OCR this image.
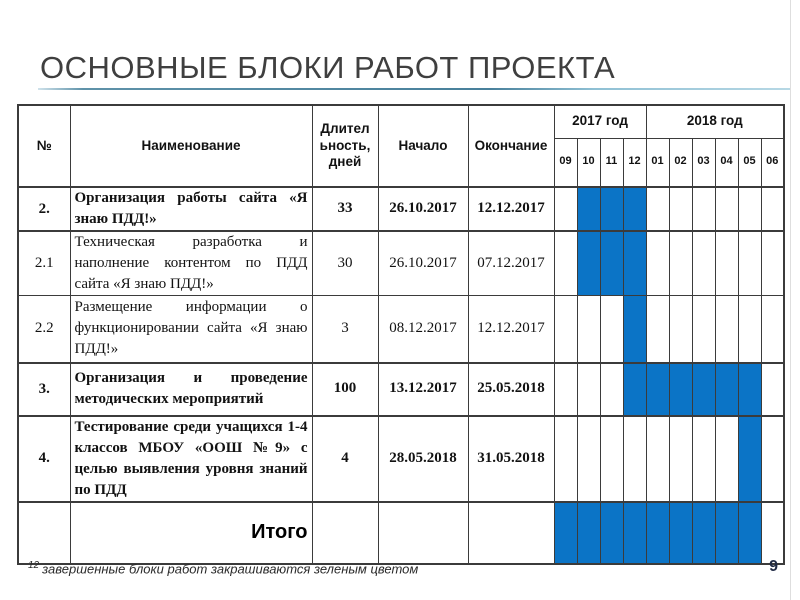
ОСНОВНЫЕ БЛОКИ РАБОТ ПРОЕКТА
№	Наименование	Длительность, дней	Начало	Окончание	2017 год				2018 год					
					09	10	11	12	01	02	03	04	05	06
2.	Организация работы сайта «Я знаю ПДД!»	33	26.10.2017	12.12.2017										
2.1	Техническая разработка и наполнение контентом по ПДД сайта «Я знаю ПДД!»	30	26.10.2017	07.12.2017										
2.2	Размещение информации о функционировании сайта «Я знаю ПДД!»	3	08.12.2017	12.12.2017										
3.	Организация и проведение методических мероприятий	100	13.12.2017	25.05.2018										
4.	Тестирование среди учащихся 1-4 классов МБОУ «ООШ №9» с целью выявления уровня знаний по ПДД	4	28.05.2018	31.05.2018										
	Итого													
$^{12}$ завершенные блоки работ закрашиваются зеленым цветом	9
